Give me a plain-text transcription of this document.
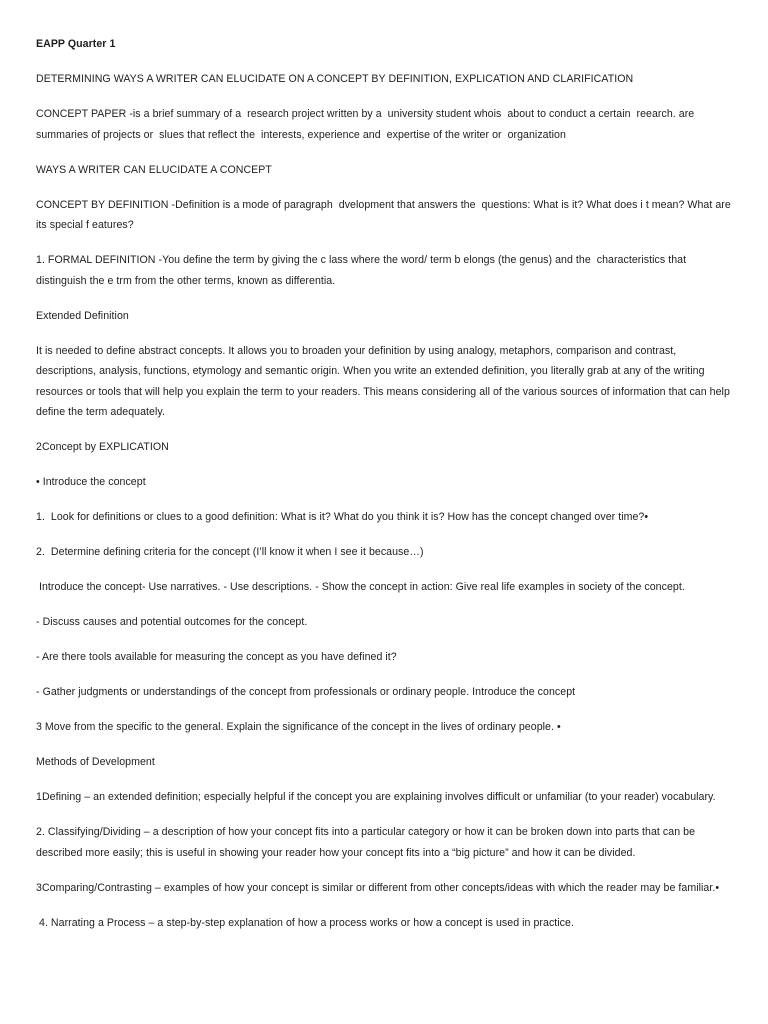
EAPP Quarter 1

DETERMINING WAYS A WRITER CAN ELUCIDATE ON A CONCEPT BY DEFINITION, EXPLICATION AND CLARIFICATION

CONCEPT PAPER -is a brief summary of a  research project written by a  university student whois  about to conduct a certain  reearch. are summaries of projects or  slues that reflect the  interests, experience and  expertise of the writer or  organization

WAYS A WRITER CAN ELUCIDATE A CONCEPT

CONCEPT BY DEFINITION -Definition is a mode of paragraph  dvelopment that answers the  questions: What is it? What does i t mean? What are its special f eatures?

1. FORMAL DEFINITION -You define the term by giving the c lass where the word/ term b elongs (the genus) and the  characteristics that distinguish the e trm from the other terms, known as differentia.

Extended Definition

It is needed to define abstract concepts. It allows you to broaden your definition by using analogy, metaphors, comparison and contrast, descriptions, analysis, functions, etymology and semantic origin. When you write an extended definition, you literally grab at any of the writing resources or tools that will help you explain the term to your readers. This means considering all of the various sources of information that can help define the term adequately.

2Concept by EXPLICATION

• Introduce the concept

1.  Look for definitions or clues to a good definition: What is it? What do you think it is? How has the concept changed over time?•

2.  Determine defining criteria for the concept (I’ll know it when I see it because…)

Introduce the concept- Use narratives. - Use descriptions. - Show the concept in action: Give real life examples in society of the concept.

- Discuss causes and potential outcomes for the concept.

- Are there tools available for measuring the concept as you have defined it?

- Gather judgments or understandings of the concept from professionals or ordinary people. Introduce the concept

3 Move from the specific to the general. Explain the significance of the concept in the lives of ordinary people. •

Methods of Development

1Defining – an extended definition; especially helpful if the concept you are explaining involves difficult or unfamiliar (to your reader) vocabulary.

2. Classifying/Dividing – a description of how your concept fits into a particular category or how it can be broken down into parts that can be described more easily; this is useful in showing your reader how your concept fits into a “big picture” and how it can be divided.

3Comparing/Contrasting – examples of how your concept is similar or different from other concepts/ideas with which the reader may be familiar.•

4. Narrating a Process – a step-by-step explanation of how a process works or how a concept is used in practice.
